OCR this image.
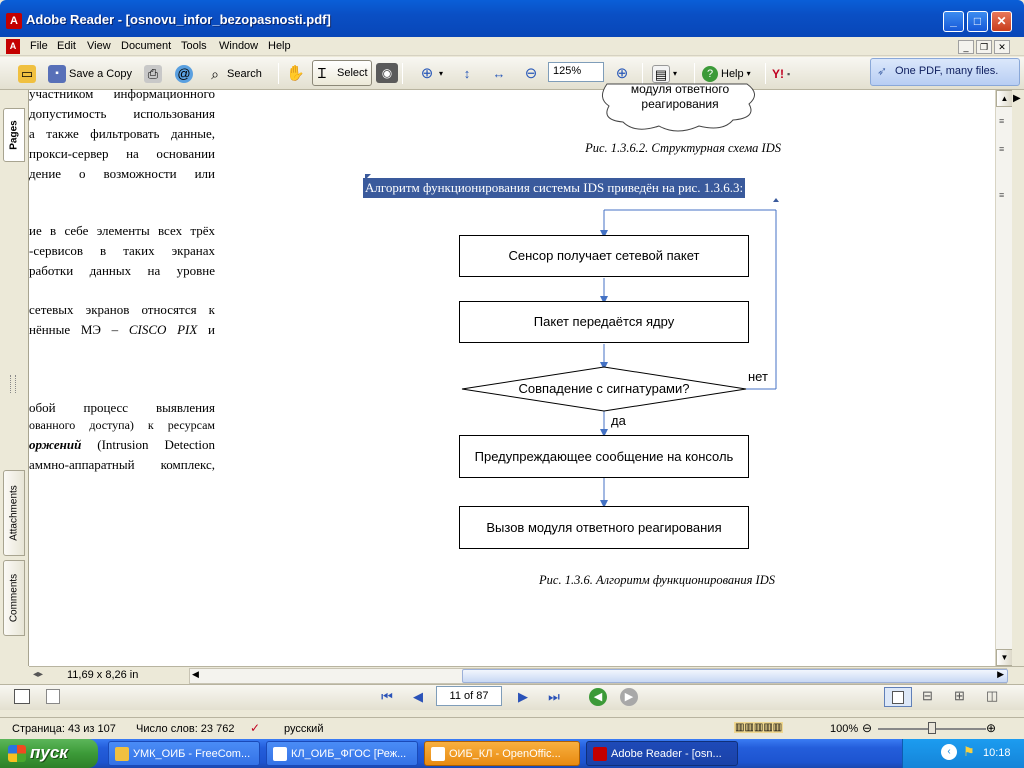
A Adobe Reader - [osnovu_infor_bezopasnosti.pdf]	_	□	✕
A	File Edit View Document Tools Window Help	_	❐	✕
▭	▪ Save a Copy ⎙ @	⌕ Search ✋	⊕ ▾	↕	↔ ⊖	⊕ ▤ ▾	? Help ▾ Y! ▪
Ɪ Select	◉	125%	➶ One PDF, many files.
Pages
Attachments
Comments
участником информационного
допустимость использования
а также фильтровать данные,
прокси-сервер на основании
дение о возможности или
ие в себе элементы всех трёх
-сервисов в таких экранах
работки данных на уровне
сетевых экранов относятся к
нённые МЭ – CISCO PIX и
обой процесс выявления
ованного доступа) к ресурсам
оржений (Intrusion Detection
аммно-аппаратный комплекс,
модуля ответного
реагирования
Рис. 1.3.6.2. Структурная схема IDS
Алгоритм функционирования системы IDS приведён на рис. 1.3.6.3:
Сенсор получает сетевой пакет
Пакет передаётся ядру
Совпадение с сигнатурами?
нет
да
Предупреждающее сообщение на консоль
Вызов модуля ответного реагирования
Рис. 1.3.6. Алгоритм функционирования IDS
▲
≡
≡
≡
▼
▶
◂▸ 11,69 x 8,26 in	◀	▶
⏮	◀	11 of 87	▶	⏭	◀	▶	⊟ ⊞ ◫
Страница: 43 из 107 Число слов: 23 762 ✓ русский	▥▥▥▥▥	100% ⊖	⊕
пуск	УМК_ОИБ - FreeCom...	КЛ_ОИБ_ФГОС [Реж...	ОИБ_КЛ - OpenOffic...	Adobe Reader - [osn...	‹ ⚑ 10:18
